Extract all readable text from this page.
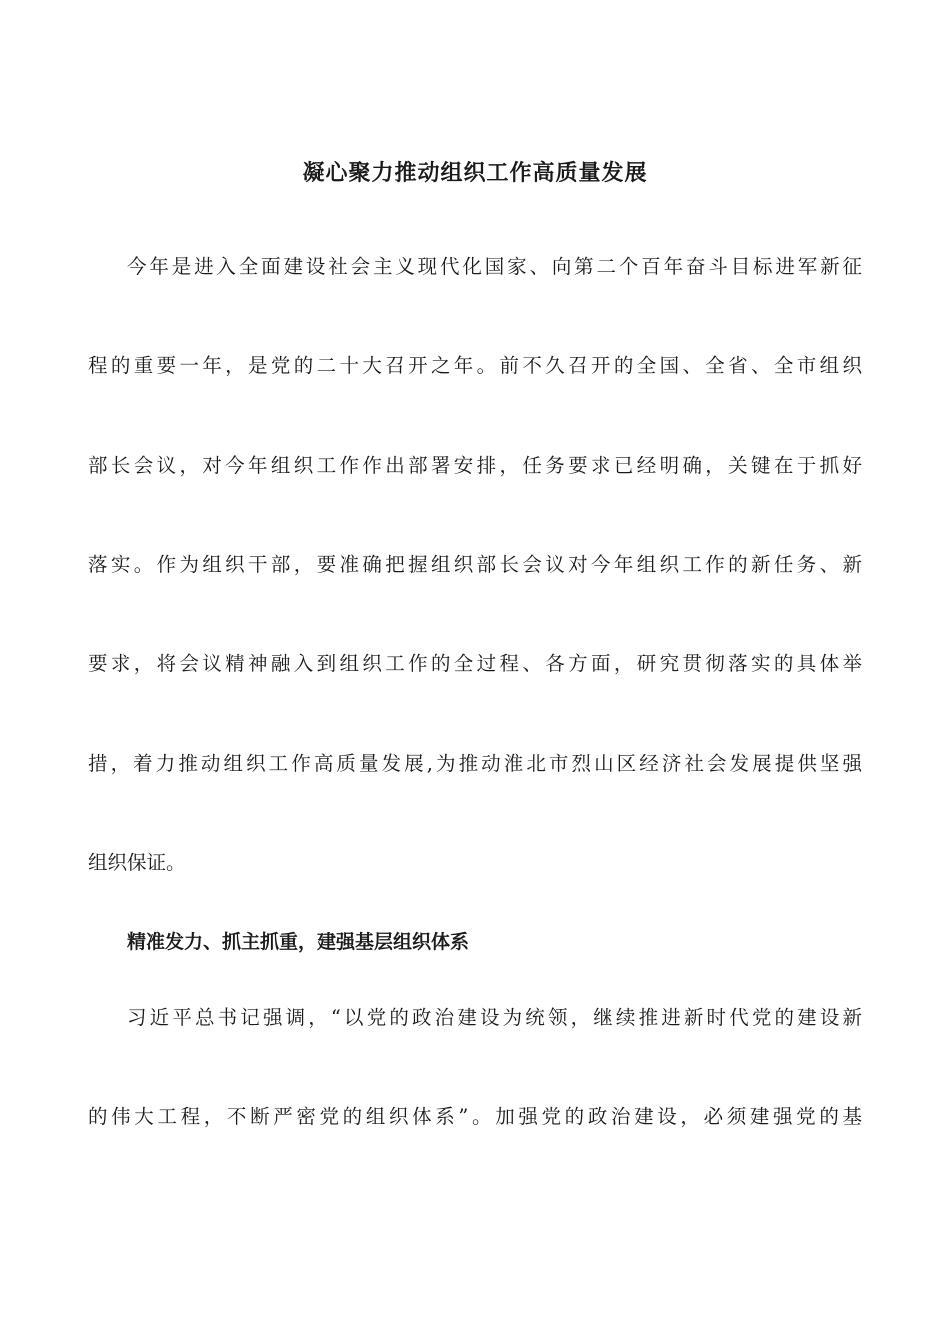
凝心聚力推动组织工作高质量发展
今年是进入全面建设社会主义现代化国家、向第二个百年奋斗目标进军新征
程的重要一年，是党的二十大召开之年。前不久召开的全国、全省、全市组织
部长会议，对今年组织工作作出部署安排，任务要求已经明确，关键在于抓好
落实。作为组织干部，要准确把握组织部长会议对今年组织工作的新任务、新
要求，将会议精神融入到组织工作的全过程、各方面，研究贯彻落实的具体举
措，着力推动组织工作高质量发展,为推动淮北市烈山区经济社会发展提供坚强
组织保证。
精准发力、抓主抓重，建强基层组织体系
习近平总书记强调，“以党的政治建设为统领，继续推进新时代党的建设新
的伟大工程，不断严密党的组织体系”。加强党的政治建设，必须建强党的基
